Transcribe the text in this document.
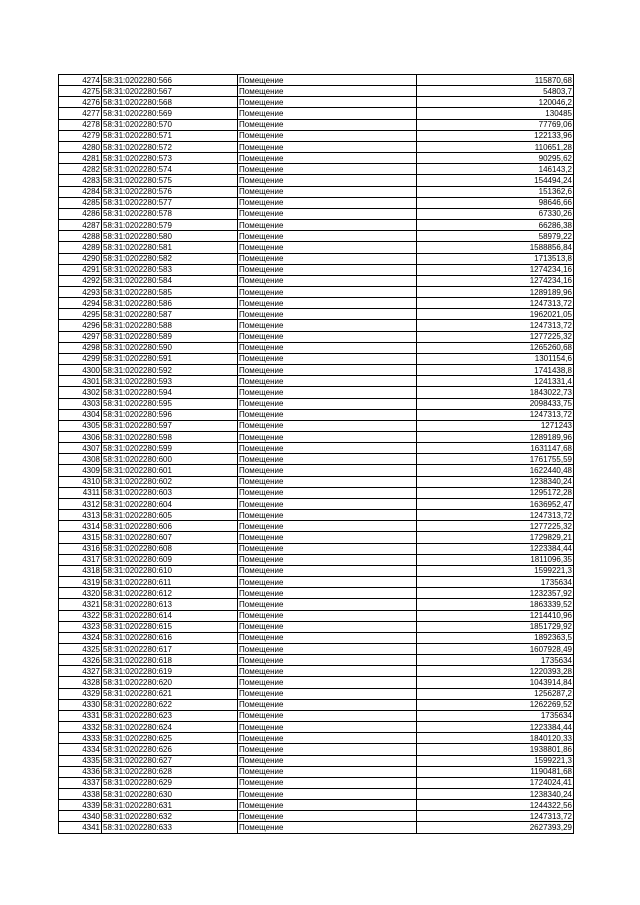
4274	58:31:0202280:566	Помещение	115870,68
4275	58:31:0202280:567	Помещение	54803,7
4276	58:31:0202280:568	Помещение	120046,2
4277	58:31:0202280:569	Помещение	130485
4278	58:31:0202280:570	Помещение	77769,06
4279	58:31:0202280:571	Помещение	122133,96
4280	58:31:0202280:572	Помещение	110651,28
4281	58:31:0202280:573	Помещение	90295,62
4282	58:31:0202280:574	Помещение	146143,2
4283	58:31:0202280:575	Помещение	154494,24
4284	58:31:0202280:576	Помещение	151362,6
4285	58:31:0202280:577	Помещение	98646,66
4286	58:31:0202280:578	Помещение	67330,26
4287	58:31:0202280:579	Помещение	66286,38
4288	58:31:0202280:580	Помещение	58979,22
4289	58:31:0202280:581	Помещение	1588856,84
4290	58:31:0202280:582	Помещение	1713513,8
4291	58:31:0202280:583	Помещение	1274234,16
4292	58:31:0202280:584	Помещение	1274234,16
4293	58:31:0202280:585	Помещение	1289189,96
4294	58:31:0202280:586	Помещение	1247313,72
4295	58:31:0202280:587	Помещение	1962021,05
4296	58:31:0202280:588	Помещение	1247313,72
4297	58:31:0202280:589	Помещение	1277225,32
4298	58:31:0202280:590	Помещение	1265260,68
4299	58:31:0202280:591	Помещение	1301154,6
4300	58:31:0202280:592	Помещение	1741438,8
4301	58:31:0202280:593	Помещение	1241331,4
4302	58:31:0202280:594	Помещение	1843022,73
4303	58:31:0202280:595	Помещение	2098433,75
4304	58:31:0202280:596	Помещение	1247313,72
4305	58:31:0202280:597	Помещение	1271243
4306	58:31:0202280:598	Помещение	1289189,96
4307	58:31:0202280:599	Помещение	1631147,68
4308	58:31:0202280:600	Помещение	1761755,59
4309	58:31:0202280:601	Помещение	1622440,48
4310	58:31:0202280:602	Помещение	1238340,24
4311	58:31:0202280:603	Помещение	1295172,28
4312	58:31:0202280:604	Помещение	1636952,47
4313	58:31:0202280:605	Помещение	1247313,72
4314	58:31:0202280:606	Помещение	1277225,32
4315	58:31:0202280:607	Помещение	1729829,21
4316	58:31:0202280:608	Помещение	1223384,44
4317	58:31:0202280:609	Помещение	1811096,35
4318	58:31:0202280:610	Помещение	1599221,3
4319	58:31:0202280:611	Помещение	1735634
4320	58:31:0202280:612	Помещение	1232357,92
4321	58:31:0202280:613	Помещение	1863339,52
4322	58:31:0202280:614	Помещение	1214410,96
4323	58:31:0202280:615	Помещение	1851729,92
4324	58:31:0202280:616	Помещение	1892363,5
4325	58:31:0202280:617	Помещение	1607928,49
4326	58:31:0202280:618	Помещение	1735634
4327	58:31:0202280:619	Помещение	1220393,28
4328	58:31:0202280:620	Помещение	1043914,84
4329	58:31:0202280:621	Помещение	1256287,2
4330	58:31:0202280:622	Помещение	1262269,52
4331	58:31:0202280:623	Помещение	1735634
4332	58:31:0202280:624	Помещение	1223384,44
4333	58:31:0202280:625	Помещение	1840120,33
4334	58:31:0202280:626	Помещение	1938801,86
4335	58:31:0202280:627	Помещение	1599221,3
4336	58:31:0202280:628	Помещение	1190481,68
4337	58:31:0202280:629	Помещение	1724024,41
4338	58:31:0202280:630	Помещение	1238340,24
4339	58:31:0202280:631	Помещение	1244322,56
4340	58:31:0202280:632	Помещение	1247313,72
4341	58:31:0202280:633	Помещение	2627393,29
